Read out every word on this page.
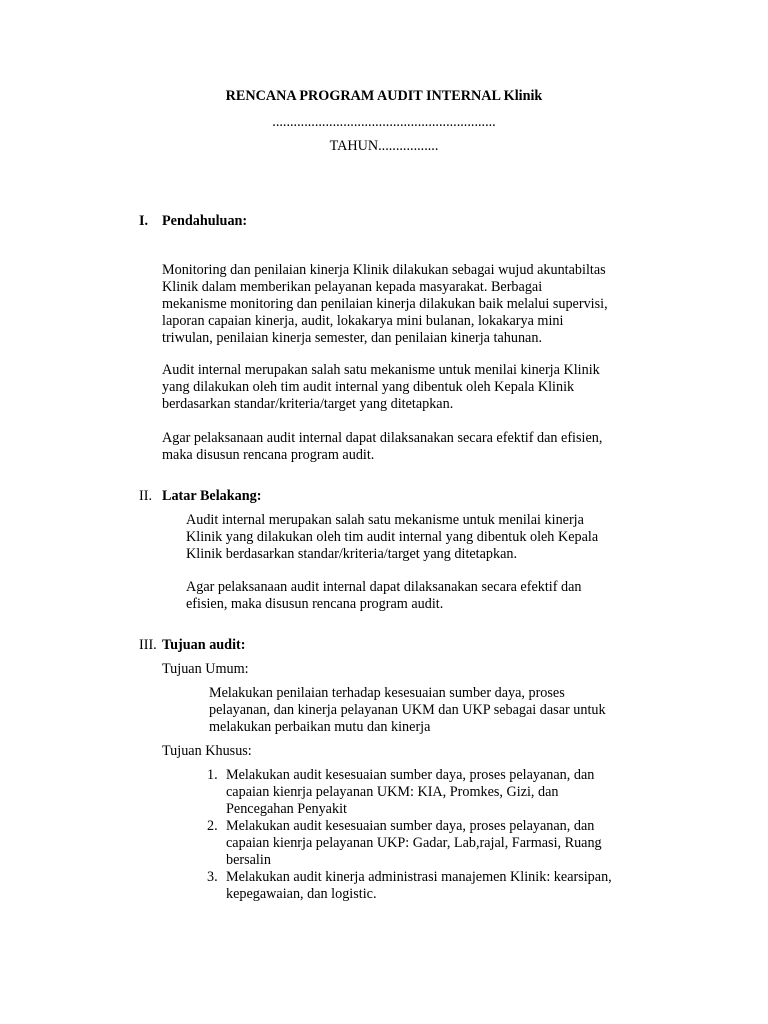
RENCANA PROGRAM AUDIT INTERNAL Klinik
...............................................................
TAHUN.................
I. Pendahuluan:
Monitoring dan penilaian kinerja Klinik dilakukan sebagai wujud akuntabiltas
Klinik dalam memberikan pelayanan kepada masyarakat. Berbagai
mekanisme monitoring dan penilaian kinerja dilakukan baik melalui supervisi,
laporan capaian kinerja, audit, lokakarya mini bulanan, lokakarya mini
triwulan, penilaian kinerja semester, dan penilaian kinerja tahunan.
Audit internal merupakan salah satu mekanisme untuk menilai kinerja Klinik
yang dilakukan oleh tim audit internal yang dibentuk oleh Kepala Klinik
berdasarkan standar/kriteria/target yang ditetapkan.
Agar pelaksanaan audit internal dapat dilaksanakan secara efektif dan efisien,
maka disusun rencana program audit.
II. Latar Belakang:
Audit internal merupakan salah satu mekanisme untuk menilai kinerja
Klinik yang dilakukan oleh tim audit internal yang dibentuk oleh Kepala
Klinik berdasarkan standar/kriteria/target yang ditetapkan.
Agar pelaksanaan audit internal dapat dilaksanakan secara efektif dan
efisien, maka disusun rencana program audit.
III. Tujuan audit:
Tujuan Umum:
Melakukan penilaian terhadap kesesuaian sumber daya, proses
pelayanan, dan kinerja pelayanan UKM dan UKP sebagai dasar untuk
melakukan perbaikan mutu dan kinerja
Tujuan Khusus:
1. Melakukan audit kesesuaian sumber daya, proses pelayanan, dan
capaian kienrja pelayanan UKM: KIA, Promkes, Gizi, dan
Pencegahan Penyakit
2. Melakukan audit kesesuaian sumber daya, proses pelayanan, dan
capaian kienrja pelayanan UKP: Gadar, Lab,rajal, Farmasi, Ruang
bersalin
3. Melakukan audit kinerja administrasi manajemen Klinik: kearsipan,
kepegawaian, dan logistic.
